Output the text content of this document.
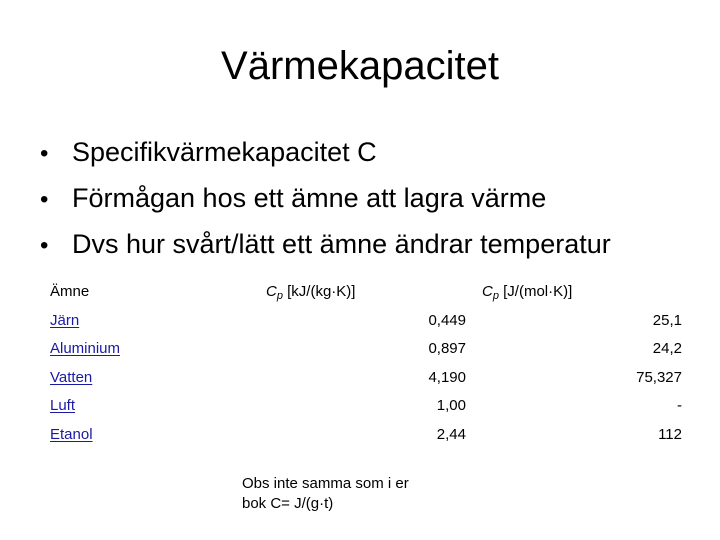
Värmekapacitet
• Specifikvärmekapacitet C
• Förmågan hos ett ämne att lagra värme
• Dvs hur svårt/lätt ett ämne ändrar temperatur
Ämne	$C_p$ [kJ/(kg·K)]	$C_p$ [J/(mol·K)]
Järn	0,449	25,1
Aluminium	0,897	24,2
Vatten	4,190	75,327
Luft	1,00	-
Etanol	2,44	112
Obs inte samma som i er
bok C= J/(g·t)
